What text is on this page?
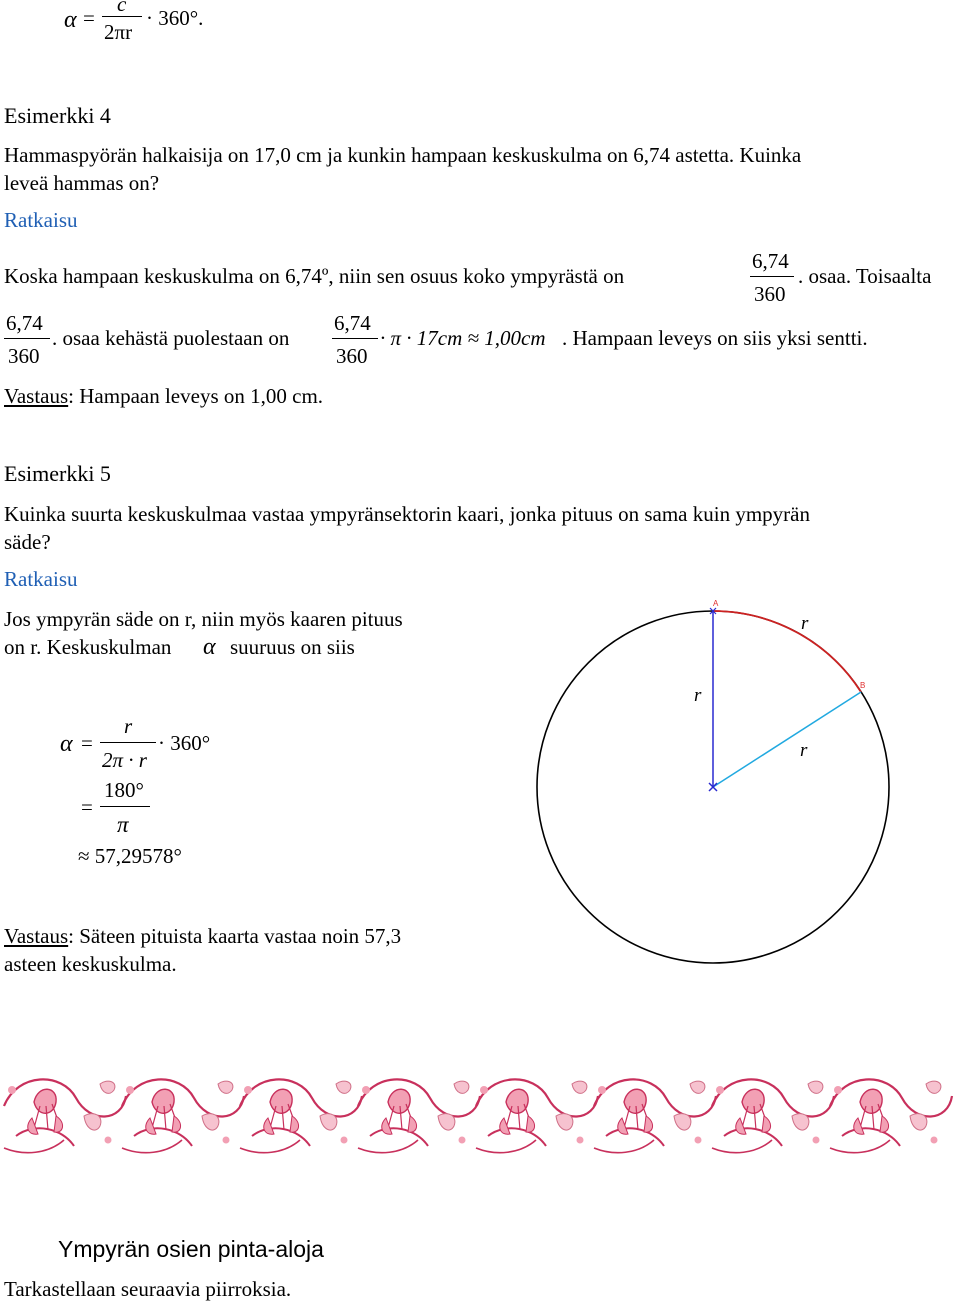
α =
c
2πr
· 360°.
Esimerkki 4
Hammaspyörän halkaisija on 17,0 cm ja kunkin hampaan keskuskulma on 6,74 astetta. Kuinka
leveä hammas on?
Ratkaisu
Koska hampaan keskuskulma on 6,74º, niin sen osuus koko ympyrästä on
6,74
360
. osaa. Toisaalta
6,74
360
. osaa kehästä puolestaan on
6,74
360
· π · 17cm ≈ 1,00cm . Hampaan leveys on siis yksi sentti.
Vastaus: Hampaan leveys on 1,00 cm.
Esimerkki 5
Kuinka suurta keskuskulmaa vastaa ympyränsektorin kaari, jonka pituus on sama kuin ympyrän
säde?
Ratkaisu
Jos ympyrän säde on r, niin myös kaaren pituus
on r. Keskuskulman α suuruus on siis
α =
r
2π · r
· 360°
=
180°
π
≈ 57,29578°
Vastaus: Säteen pituista kaarta vastaa noin 57,3
asteen keskuskulma.
A
B
r
r
r
Ympyrän osien pinta-aloja
Tarkastellaan seuraavia piirroksia.
